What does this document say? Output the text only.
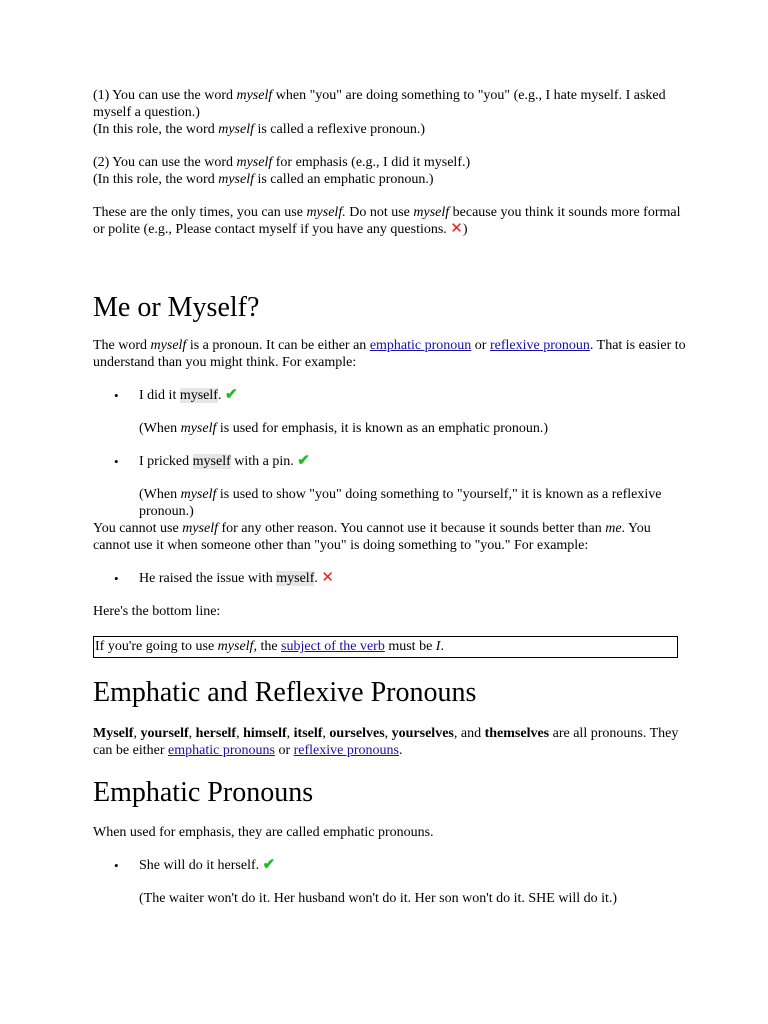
(1) You can use the word myself when "you" are doing something to "you" (e.g., I hate myself. I asked myself a question.)
(In this role, the word myself is called a reflexive pronoun.)

(2) You can use the word myself for emphasis (e.g., I did it myself.)
(In this role, the word myself is called an emphatic pronoun.)

These are the only times, you can use myself. Do not use myself because you think it sounds more formal or polite (e.g., Please contact myself if you have any questions. ✕)

Me or Myself?

The word myself is a pronoun. It can be either an emphatic pronoun or reflexive pronoun. That is easier to understand than you might think. For example:

• I did it myself. ✔

(When myself is used for emphasis, it is known as an emphatic pronoun.)

• I pricked myself with a pin. ✔

(When myself is used to show "you" doing something to "yourself," it is known as a reflexive pronoun.)

You cannot use myself for any other reason. You cannot use it because it sounds better than me. You cannot use it when someone other than "you" is doing something to "you." For example:

• He raised the issue with myself. ✕

Here's the bottom line:

If you're going to use myself, the subject of the verb must be I.
Emphatic and Reflexive Pronouns

Myself, yourself, herself, himself, itself, ourselves, yourselves, and themselves are all pronouns. They can be either emphatic pronouns or reflexive pronouns.

Emphatic Pronouns

When used for emphasis, they are called emphatic pronouns.

• She will do it herself. ✔

(The waiter won't do it. Her husband won't do it. Her son won't do it. SHE will do it.)
